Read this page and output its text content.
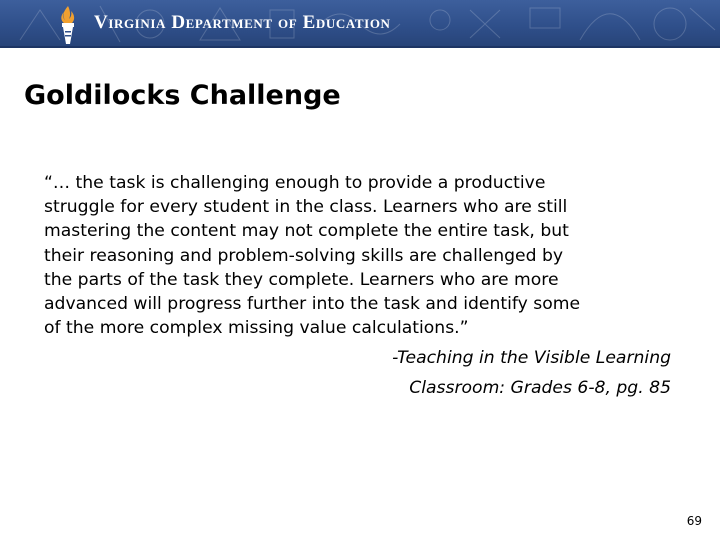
Virginia Department of Education
Goldilocks Challenge
“… the task is challenging enough to provide a productive
struggle for every student in the class. Learners who are still
mastering the content may not complete the entire task, but
their reasoning and problem-solving skills are challenged by
the parts of the task they complete. Learners who are more
advanced will progress further into the task and identify some
of the more complex missing value calculations.”
-Teaching in the Visible Learning
Classroom: Grades 6-8, pg. 85
69
